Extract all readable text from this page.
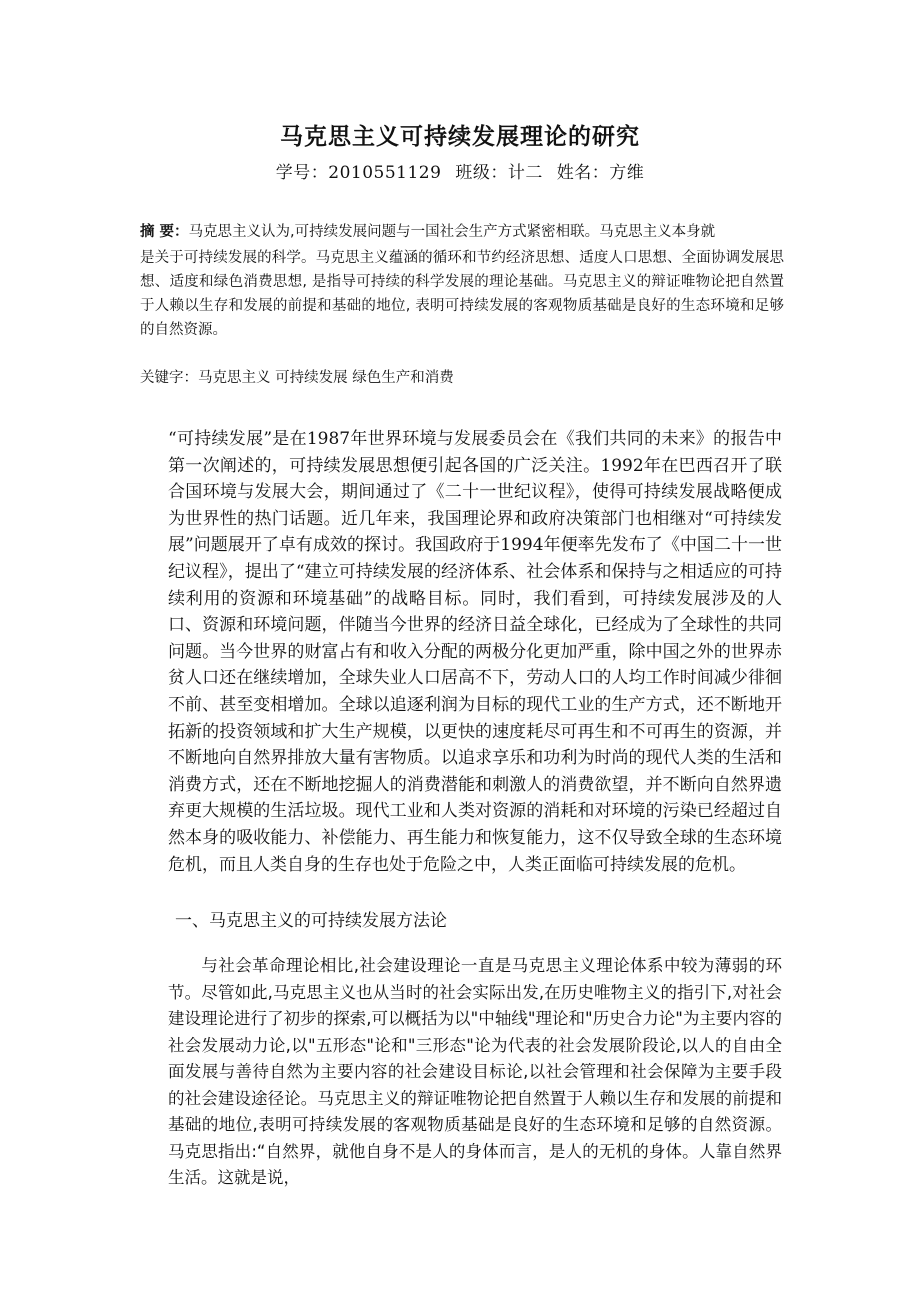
马克思主义可持续发展理论的研究
学号：2010551129 班级：计二 姓名：方维

摘 要：马克思主义认为,可持续发展问题与一国社会生产方式紧密相联。马克思主义本身就

是关于可持续发展的科学。马克思主义蕴涵的循环和节约经济思想、适度人口思想、全面协调发展思想、适度和绿色消费思想, 是指导可持续的科学发展的理论基础。马克思主义的辩证唯物论把自然置于人赖以生存和发展的前提和基础的地位, 表明可持续发展的客观物质基础是良好的生态环境和足够的自然资源。

关键字：马克思主义 可持续发展 绿色生产和消费

“可持续发展”是在1987年世界环境与发展委员会在《我们共同的未来》的报告中第一次阐述的，可持续发展思想便引起各国的广泛关注。1992年在巴西召开了联合国环境与发展大会，期间通过了《二十一世纪议程》，使得可持续发展战略便成为世界性的热门话题。近几年来，我国理论界和政府决策部门也相继对“可持续发展”问题展开了卓有成效的探讨。我国政府于1994年便率先发布了《中国二十一世纪议程》，提出了“建立可持续发展的经济体系、社会体系和保持与之相适应的可持续利用的资源和环境基础”的战略目标。同时，我们看到，可持续发展涉及的人口、资源和环境问题，伴随当今世界的经济日益全球化，已经成为了全球性的共同问题。当今世界的财富占有和收入分配的两极分化更加严重，除中国之外的世界赤贫人口还在继续增加，全球失业人口居高不下，劳动人口的人均工作时间减少徘徊不前、甚至变相增加。全球以追逐利润为目标的现代工业的生产方式，还不断地开拓新的投资领域和扩大生产规模，以更快的速度耗尽可再生和不可再生的资源，并不断地向自然界排放大量有害物质。以追求享乐和功利为时尚的现代人类的生活和消费方式，还在不断地挖掘人的消费潜能和刺激人的消费欲望，并不断向自然界遗弃更大规模的生活垃圾。现代工业和人类对资源的消耗和对环境的污染已经超过自然本身的吸收能力、补偿能力、再生能力和恢复能力，这不仅导致全球的生态环境危机，而且人类自身的生存也处于危险之中，人类正面临可持续发展的危机。

一、马克思主义的可持续发展方法论

与社会革命理论相比,社会建设理论一直是马克思主义理论体系中较为薄弱的环节。尽管如此,马克思主义也从当时的社会实际出发,在历史唯物主义的指引下,对社会建设理论进行了初步的探索,可以概括为以"中轴线"理论和"历史合力论"为主要内容的社会发展动力论,以"五形态"论和"三形态"论为代表的社会发展阶段论,以人的自由全面发展与善待自然为主要内容的社会建设目标论,以社会管理和社会保障为主要手段的社会建设途径论。马克思主义的辩证唯物论把自然置于人赖以生存和发展的前提和基础的地位,表明可持续发展的客观物质基础是良好的生态环境和足够的自然资源。马克思指出:“自然界，就他自身不是人的身体而言，是人的无机的身体。人靠自然界生活。这就是说，
